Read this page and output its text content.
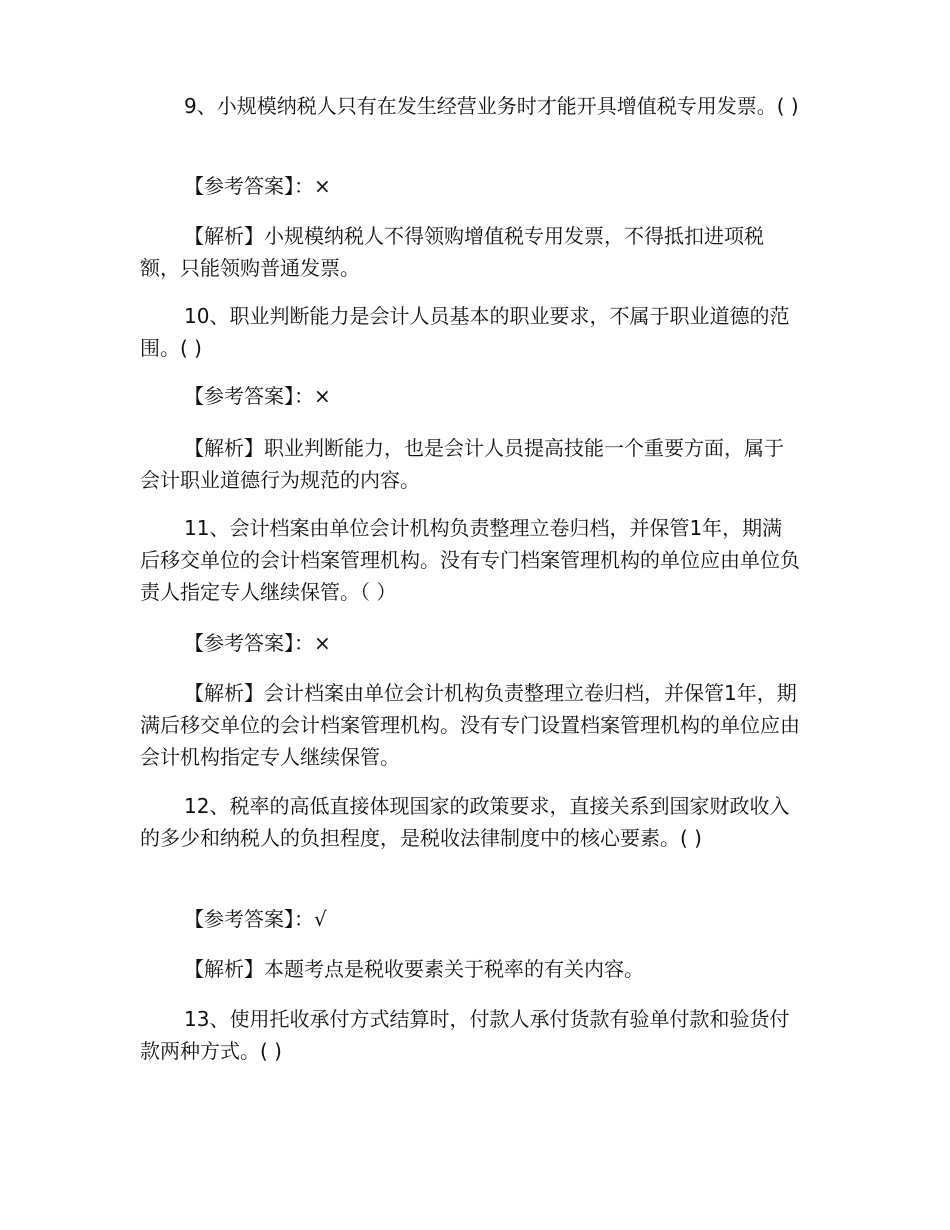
9、小规模纳税人只有在发生经营业务时才能开具增值税专用发票。( )

【参考答案】：×

【解析】小规模纳税人不得领购增值税专用发票，不得抵扣进项税额，只能领购普通发票。

10、职业判断能力是会计人员基本的职业要求，不属于职业道德的范围。( )

【参考答案】：×

【解析】职业判断能力，也是会计人员提高技能一个重要方面，属于会计职业道德行为规范的内容。

11、会计档案由单位会计机构负责整理立卷归档，并保管1年，期满后移交单位的会计档案管理机构。没有专门档案管理机构的单位应由单位负责人指定专人继续保管。（ ）

【参考答案】：×

【解析】会计档案由单位会计机构负责整理立卷归档，并保管1年，期满后移交单位的会计档案管理机构。没有专门设置档案管理机构的单位应由会计机构指定专人继续保管。

12、税率的高低直接体现国家的政策要求，直接关系到国家财政收入的多少和纳税人的负担程度，是税收法律制度中的核心要素。( )

【参考答案】：√

【解析】本题考点是税收要素关于税率的有关内容。

13、使用托收承付方式结算时，付款人承付货款有验单付款和验货付款两种方式。( )
